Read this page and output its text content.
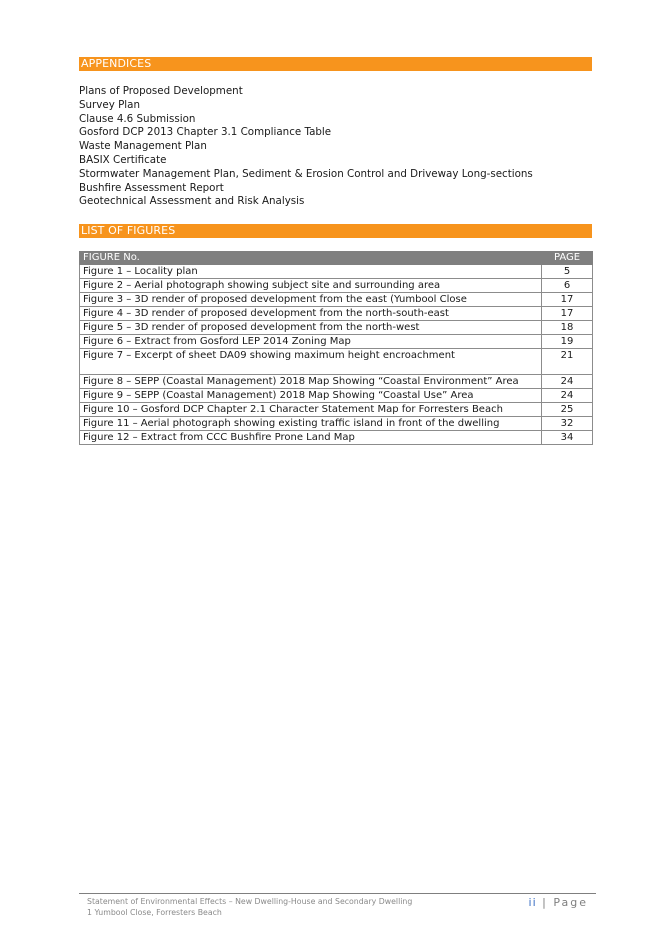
APPENDICES
Plans of Proposed Development
Survey Plan
Clause 4.6 Submission
Gosford DCP 2013 Chapter 3.1 Compliance Table
Waste Management Plan
BASIX Certificate
Stormwater Management Plan, Sediment & Erosion Control and Driveway Long-sections
Bushfire Assessment Report
Geotechnical Assessment and Risk Analysis
LIST OF FIGURES
FIGURE No.	PAGE
Figure 1 – Locality plan	5
Figure 2 – Aerial photograph showing subject site and surrounding area	6
Figure 3 – 3D render of proposed development from the east (Yumbool Close	17
Figure 4 – 3D render of proposed development from the north-south-east	17
Figure 5 – 3D render of proposed development from the north-west	18
Figure 6 – Extract from Gosford LEP 2014 Zoning Map	19
Figure 7 – Excerpt of sheet DA09 showing maximum height encroachment	21
Figure 8 – SEPP (Coastal Management) 2018 Map Showing “Coastal Environment” Area	24
Figure 9 – SEPP (Coastal Management) 2018 Map Showing “Coastal Use” Area	24
Figure 10 – Gosford DCP Chapter 2.1 Character Statement Map for Forresters Beach	25
Figure 11 – Aerial photograph showing existing traffic island in front of the dwelling	32
Figure 12 – Extract from CCC Bushfire Prone Land Map	34
Statement of Environmental Effects – New Dwelling-House and Secondary Dwelling
1 Yumbool Close, Forresters Beach
ii | Page
